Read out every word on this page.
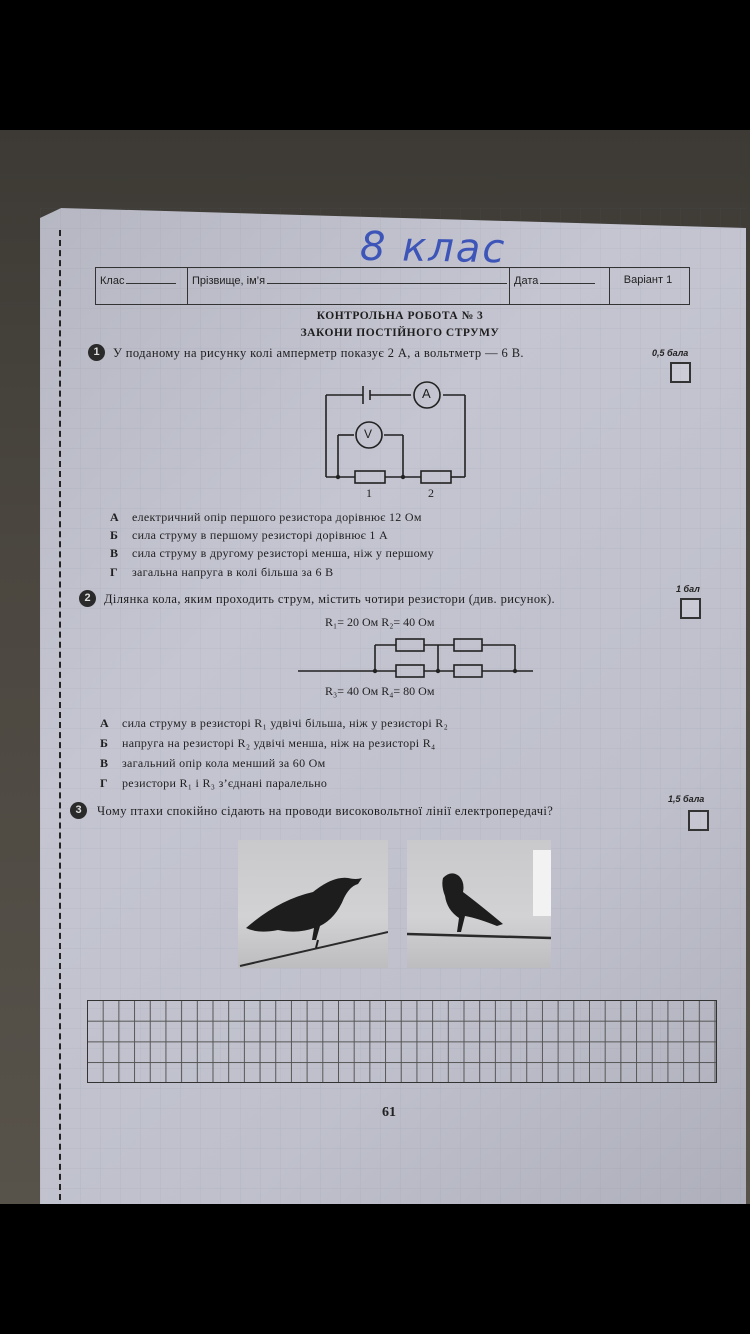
8 клас
Клас	Прізвище, ім’я	Дата	Варіант 1
КОНТРОЛЬНА РОБОТА № 3
ЗАКОНИ ПОСТІЙНОГО СТРУМУ
1	У поданому на рисунку колі амперметр показує 2 А, а вольтметр — 6 В.	0,5 бала
A
V
1	2
А електричний опір першого резистора дорівнює 12 Ом
Б сила струму в першому резисторі дорівнює 1 А
В сила струму в другому резисторі менша, ніж у першому
Г загальна напруга в колі більша за 6 В
2	Ділянка кола, яким проходить струм, містить чотири резистори (див. рисунок).
1 бал
R₁= 20 Ом R₂= 40 Ом
R₃= 40 Ом R₄= 80 Ом
А сила струму в резисторі R₁ удвічі більша, ніж у резисторі R₂
Б напруга на резисторі R₂ удвічі менша, ніж на резисторі R₄
В загальний опір кола менший за 60 Ом
Г резистори R₁ і R₃ з’єднані паралельно
3	Чому птахи спокійно сідають на проводи високовольтної лінії електропередачі?
1,5 бала
61
